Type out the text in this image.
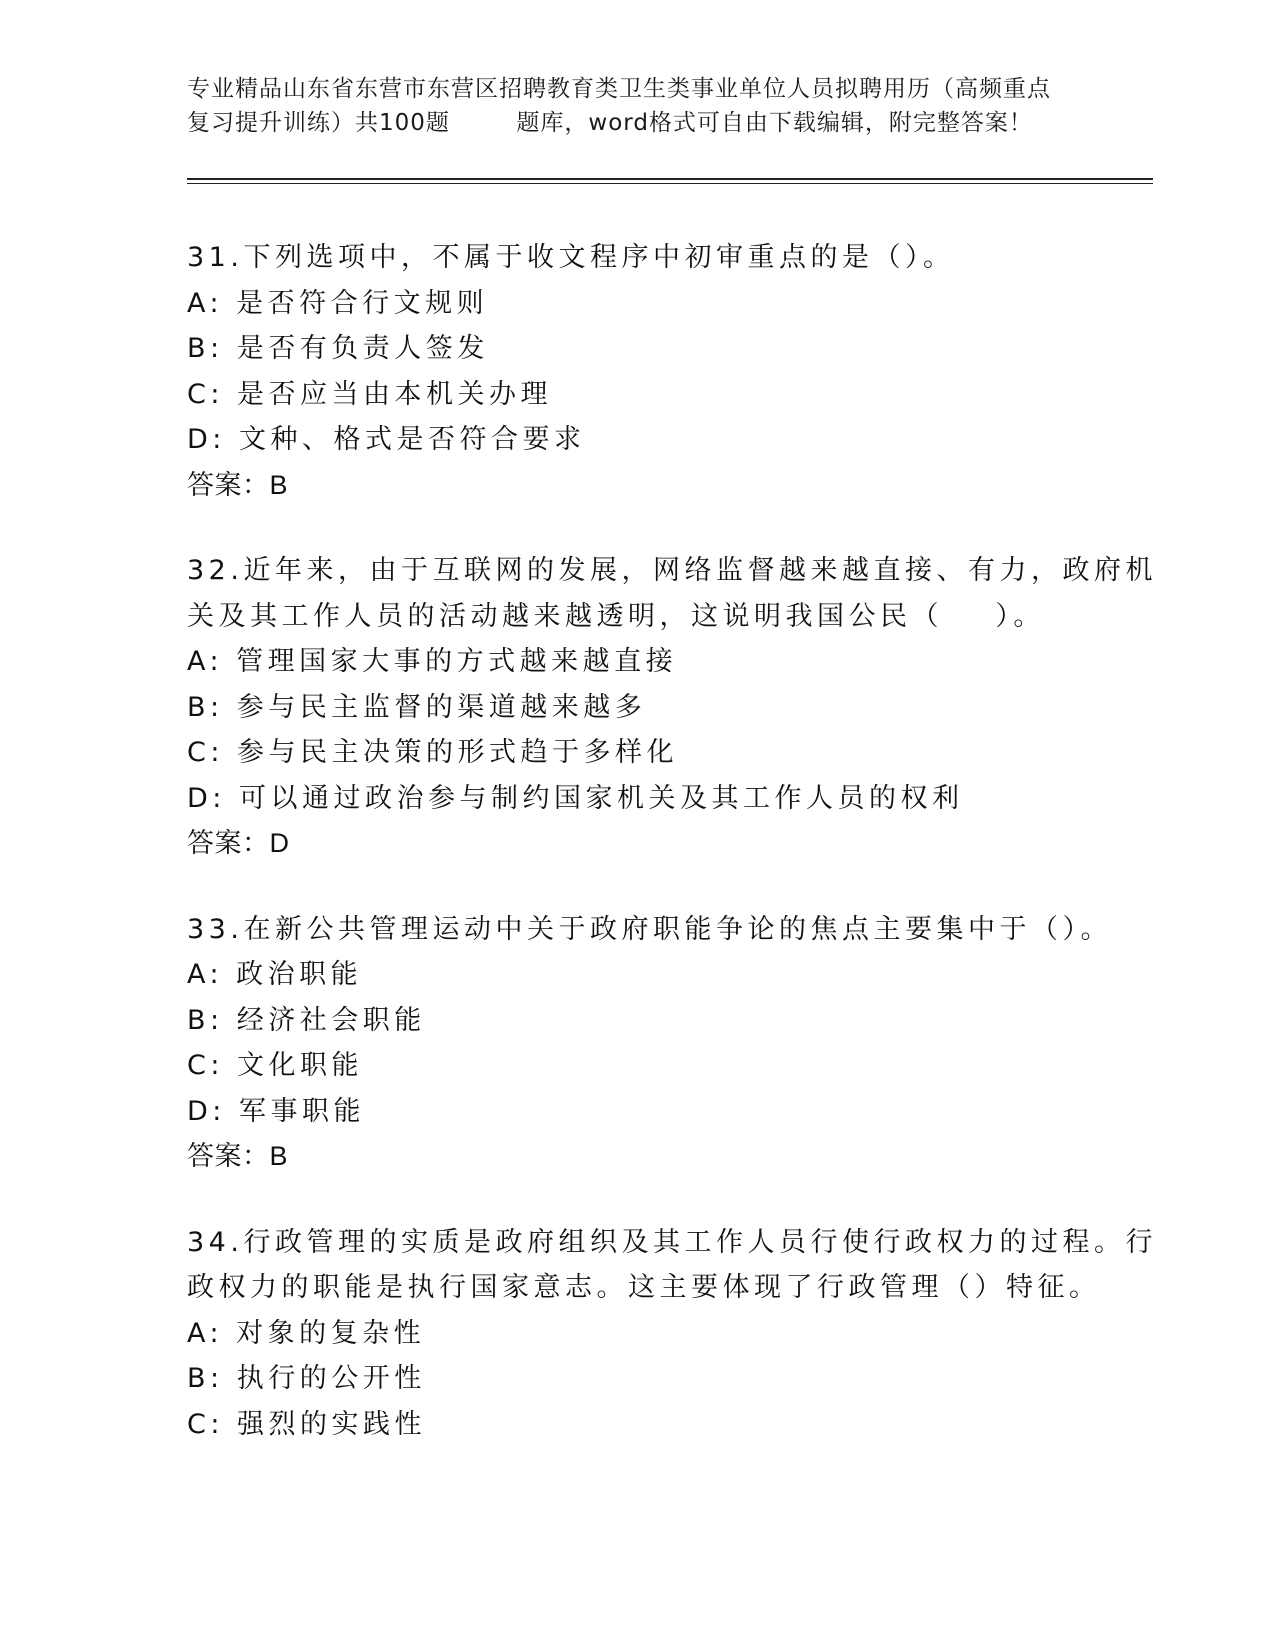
专业精品山东省东营市东营区招聘教育类卫生类事业单位人员拟聘用历（高频重点
复习提升训练）共100题        题库，word格式可自由下载编辑，附完整答案！
31.下列选项中，不属于收文程序中初审重点的是（）。
A: 是否符合行文规则
B: 是否有负责人签发
C: 是否应当由本机关办理
D: 文种、格式是否符合要求
答案：B
32.近年来，由于互联网的发展，网络监督越来越直接、有力，政府机
关及其工作人员的活动越来越透明，这说明我国公民（    ）。
A: 管理国家大事的方式越来越直接
B: 参与民主监督的渠道越来越多
C: 参与民主决策的形式趋于多样化
D: 可以通过政治参与制约国家机关及其工作人员的权利
答案：D
33.在新公共管理运动中关于政府职能争论的焦点主要集中于（）。
A: 政治职能
B: 经济社会职能
C: 文化职能
D: 军事职能
答案：B
34.行政管理的实质是政府组织及其工作人员行使行政权力的过程。行
政权力的职能是执行国家意志。这主要体现了行政管理（）特征。
A: 对象的复杂性
B: 执行的公开性
C: 强烈的实践性
